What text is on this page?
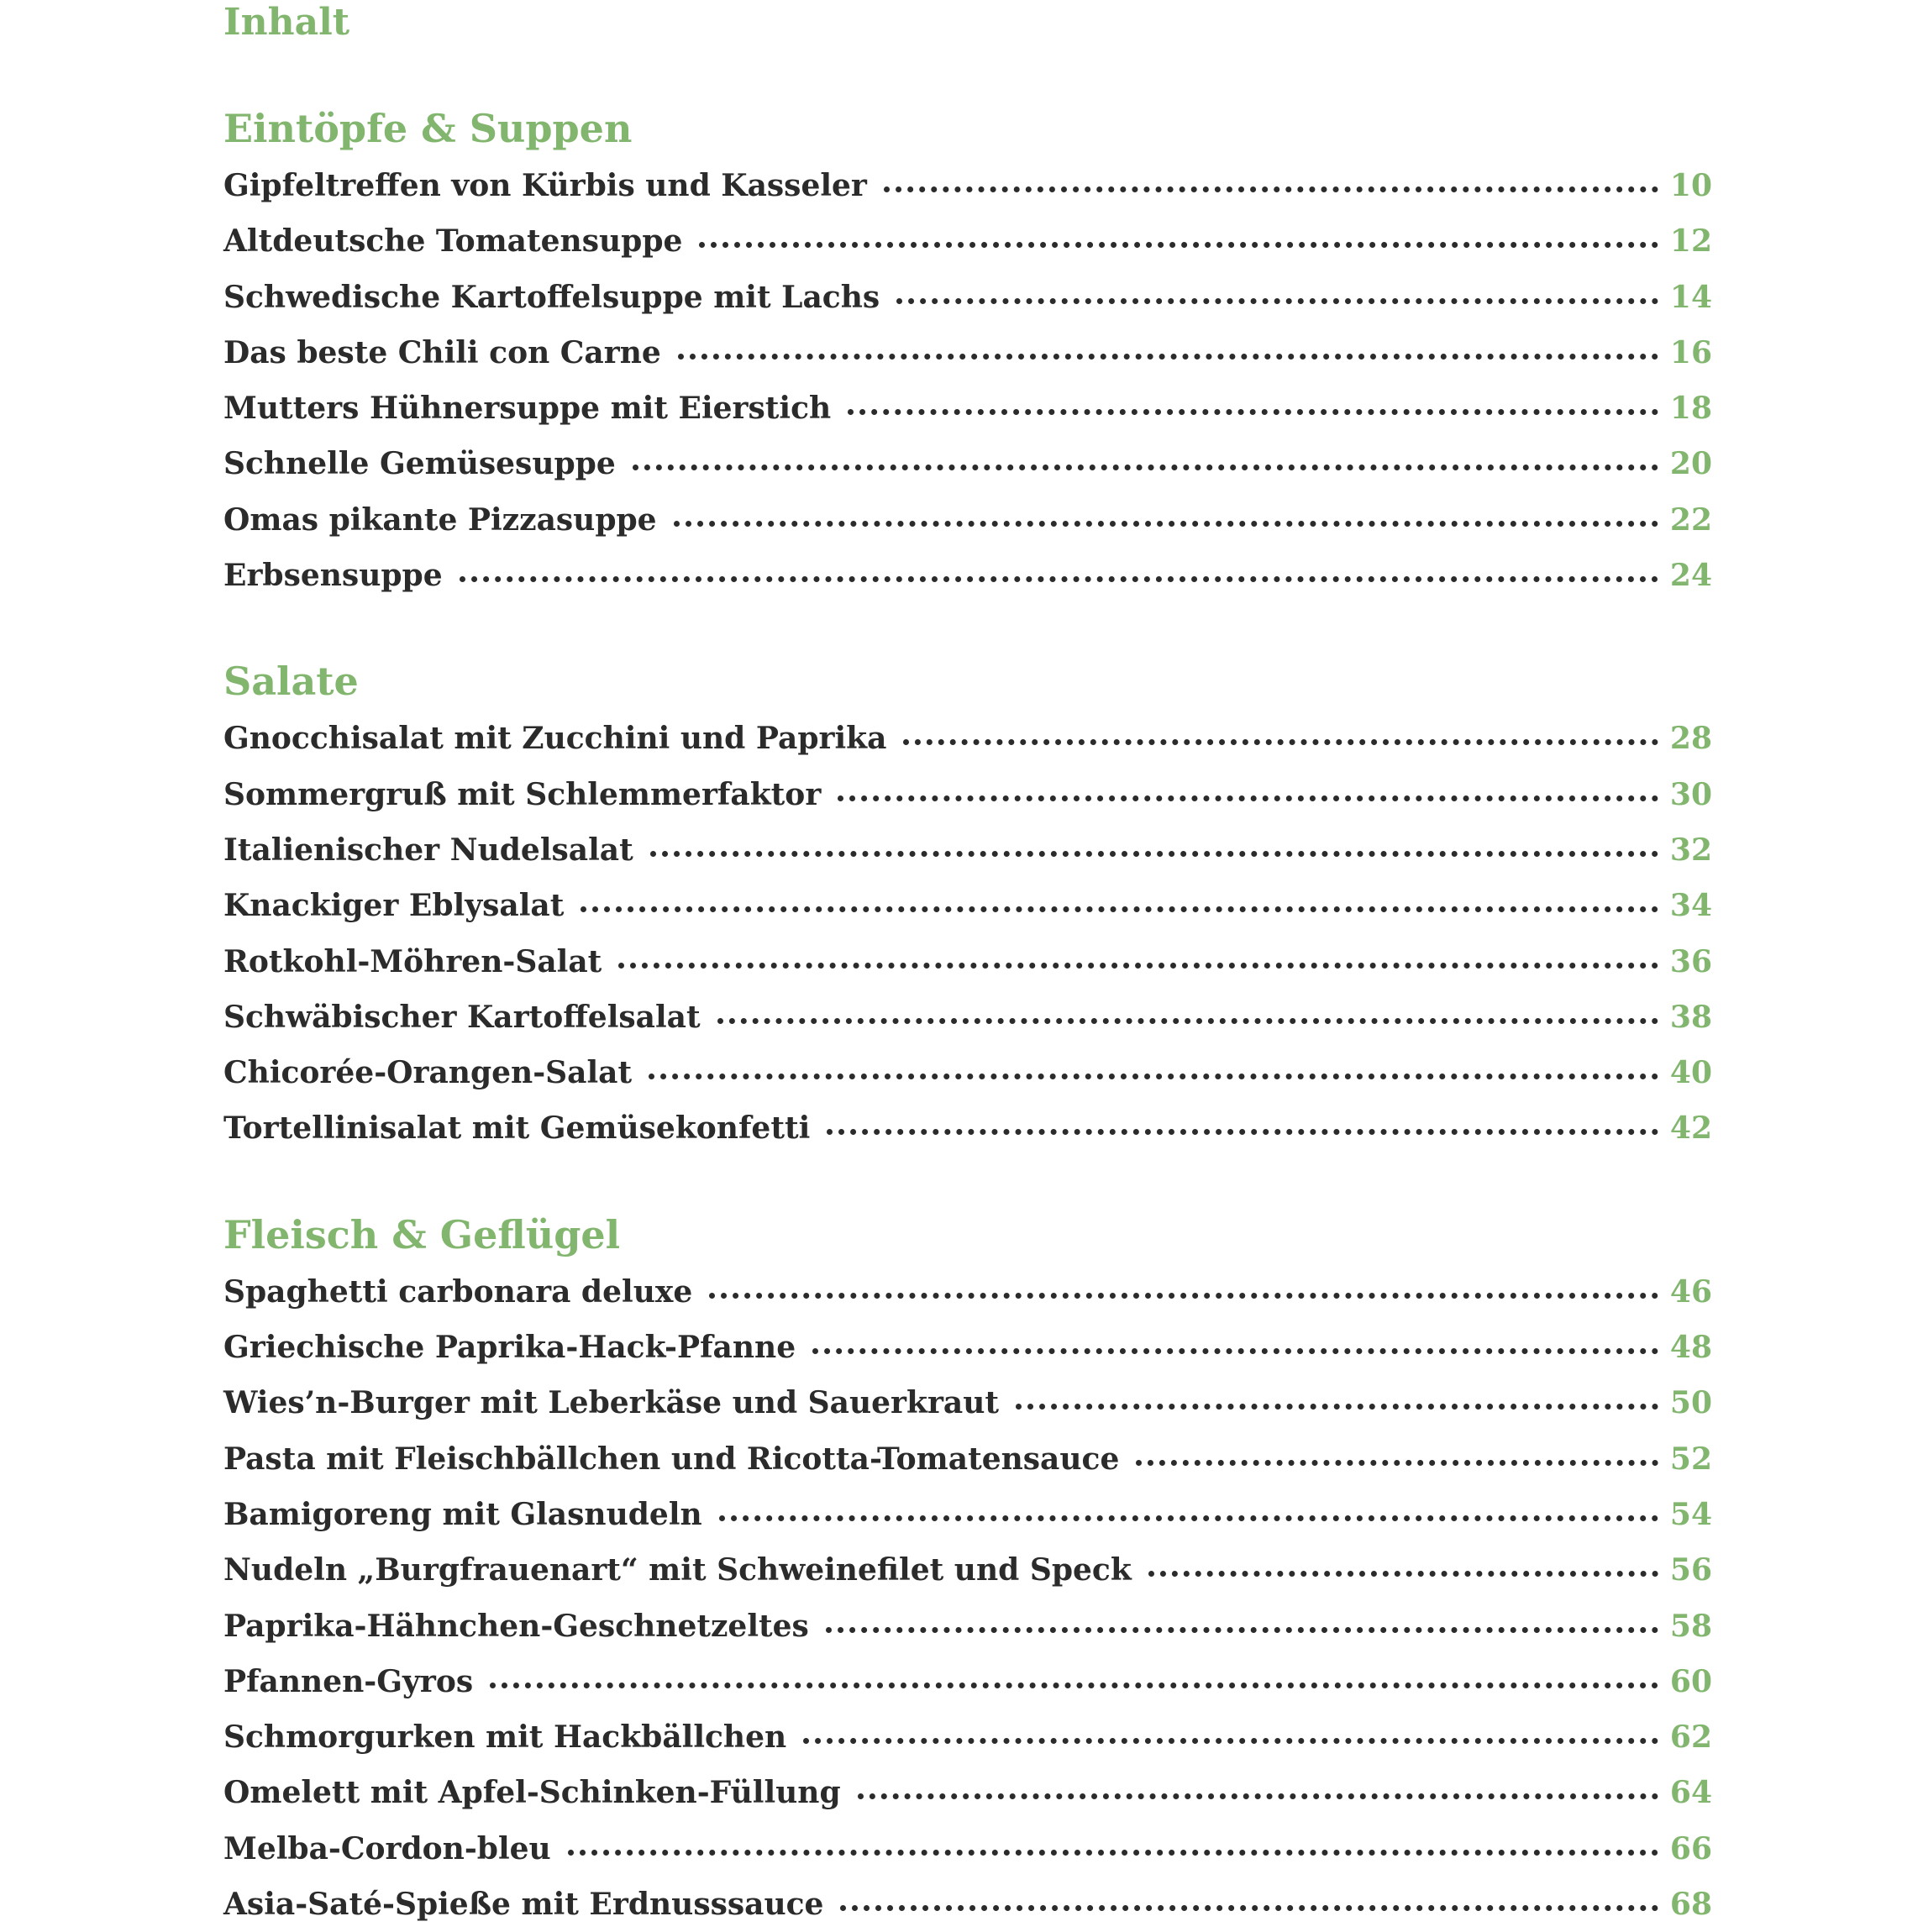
Inhalt
Eintöpfe & Suppen
Gipfeltreffen von Kürbis und Kasseler	10
Altdeutsche Tomatensuppe	12
Schwedische Kartoffelsuppe mit Lachs	14
Das beste Chili con Carne	16
Mutters Hühnersuppe mit Eierstich	18
Schnelle Gemüsesuppe	20
Omas pikante Pizzasuppe	22
Erbsensuppe	24
Salate
Gnocchisalat mit Zucchini und Paprika	28
Sommergruß mit Schlemmerfaktor	30
Italienischer Nudelsalat	32
Knackiger Eblysalat	34
Rotkohl-Möhren-Salat	36
Schwäbischer Kartoffelsalat	38
Chicorée-Orangen-Salat	40
Tortellinisalat mit Gemüsekonfetti	42
Fleisch & Geflügel
Spaghetti carbonara deluxe	46
Griechische Paprika-Hack-Pfanne	48
Wies’n-Burger mit Leberkäse und Sauerkraut	50
Pasta mit Fleischbällchen und Ricotta-Tomatensauce	52
Bamigoreng mit Glasnudeln	54
Nudeln „Burgfrauenart“ mit Schweinefilet und Speck	56
Paprika-Hähnchen-Geschnetzeltes	58
Pfannen-Gyros	60
Schmorgurken mit Hackbällchen	62
Omelett mit Apfel-Schinken-Füllung	64
Melba-Cordon-bleu	66
Asia-Saté-Spieße mit Erdnusssauce	68
